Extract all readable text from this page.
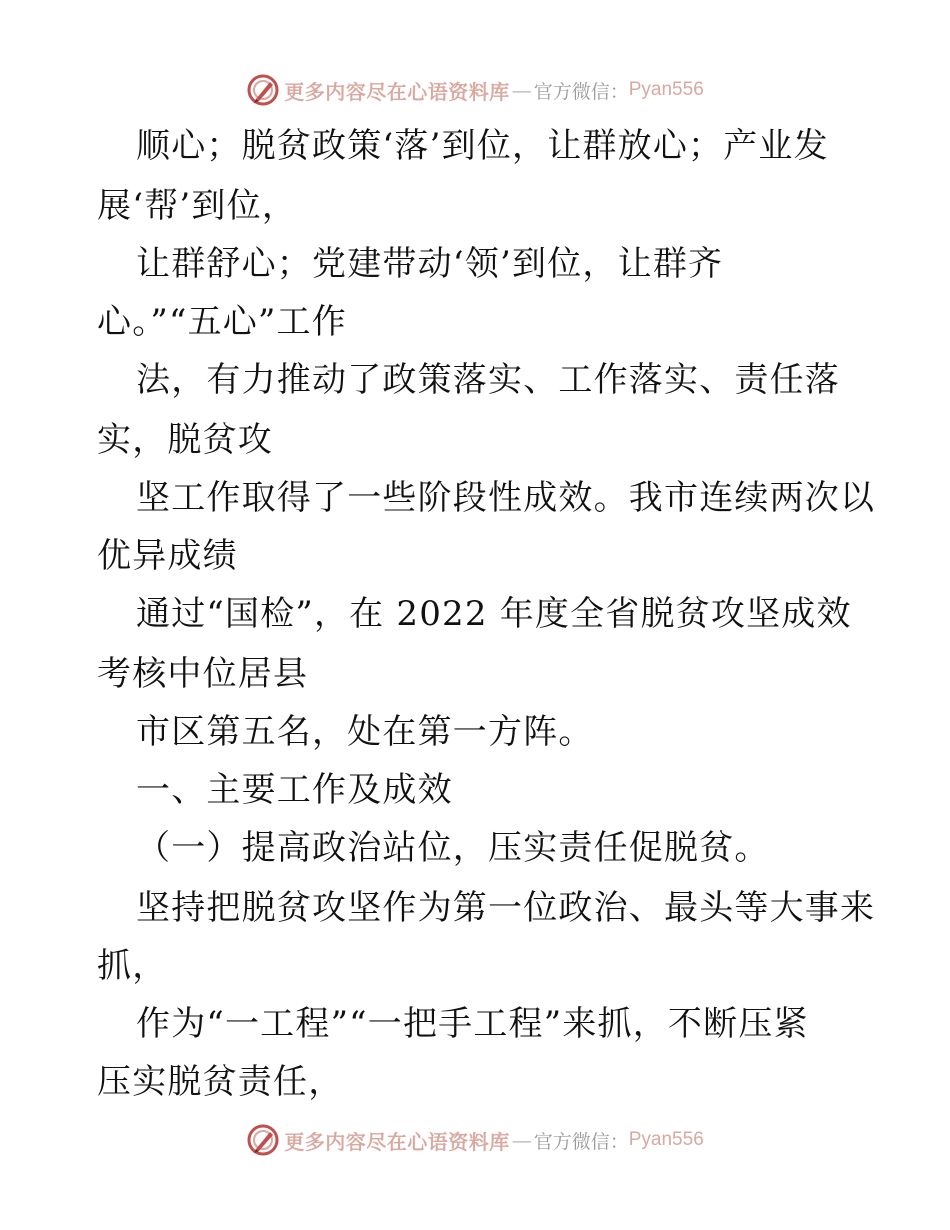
更多内容尽在心语资料库 — 官方微信： Pyan556
顺心；脱贫政策‘落’到位，让群放心；产业发
展‘帮’到位，
让群舒心；党建带动‘领’到位，让群齐
心。”“五心”工作
法，有力推动了政策落实、工作落实、责任落
实，脱贫攻
坚工作取得了一些阶段性成效。我市连续两次以
优异成绩
通过“国检”，在 2022 年度全省脱贫攻坚成效
考核中位居县
市区第五名，处在第一方阵。
一、主要工作及成效
（一）提高政治站位，压实责任促脱贫。
坚持把脱贫攻坚作为第一位政治、最头等大事来
抓，
作为“一工程”“一把手工程”来抓，不断压紧
压实脱贫责任，
更多内容尽在心语资料库 — 官方微信： Pyan556
